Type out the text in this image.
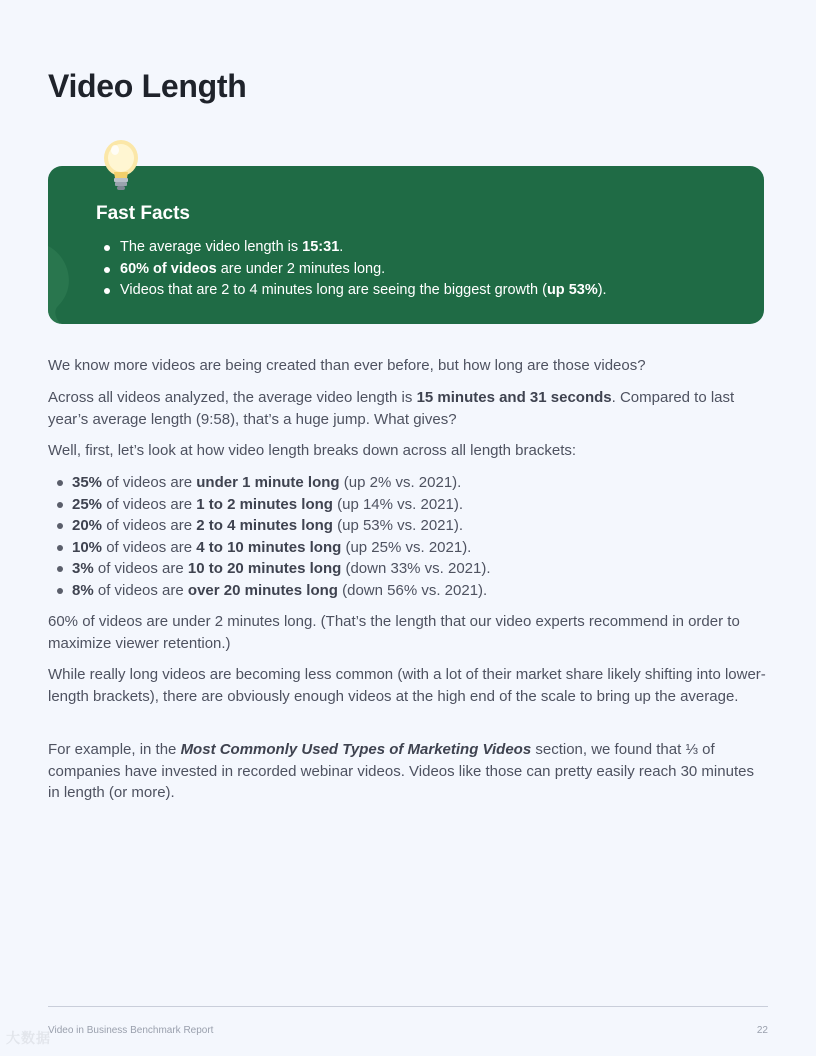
Video Length
Fast Facts
The average video length is 15:31.
60% of videos are under 2 minutes long.
Videos that are 2 to 4 minutes long are seeing the biggest growth (up 53%).

We know more videos are being created than ever before, but how long are those videos?

Across all videos analyzed, the average video length is 15 minutes and 31 seconds. Compared to last year’s average length (9:58), that’s a huge jump. What gives?

Well, first, let’s look at how video length breaks down across all length brackets:

35% of videos are under 1 minute long (up 2% vs. 2021).
25% of videos are 1 to 2 minutes long (up 14% vs. 2021).
20% of videos are 2 to 4 minutes long (up 53% vs. 2021).
10% of videos are 4 to 10 minutes long (up 25% vs. 2021).
3% of videos are 10 to 20 minutes long (down 33% vs. 2021).
8% of videos are over 20 minutes long (down 56% vs. 2021).

60% of videos are under 2 minutes long. (That’s the length that our video experts recommend in order to maximize viewer retention.)

While really long videos are becoming less common (with a lot of their market share likely shifting into lower-length brackets), there are obviously enough videos at the high end of the scale to bring up the average.

For example, in the Most Commonly Used Types of Marketing Videos section, we found that ⅓ of companies have invested in recorded webinar videos. Videos like those can pretty easily reach 30 minutes in length (or more).

Video in Business Benchmark Report	22
大数据
